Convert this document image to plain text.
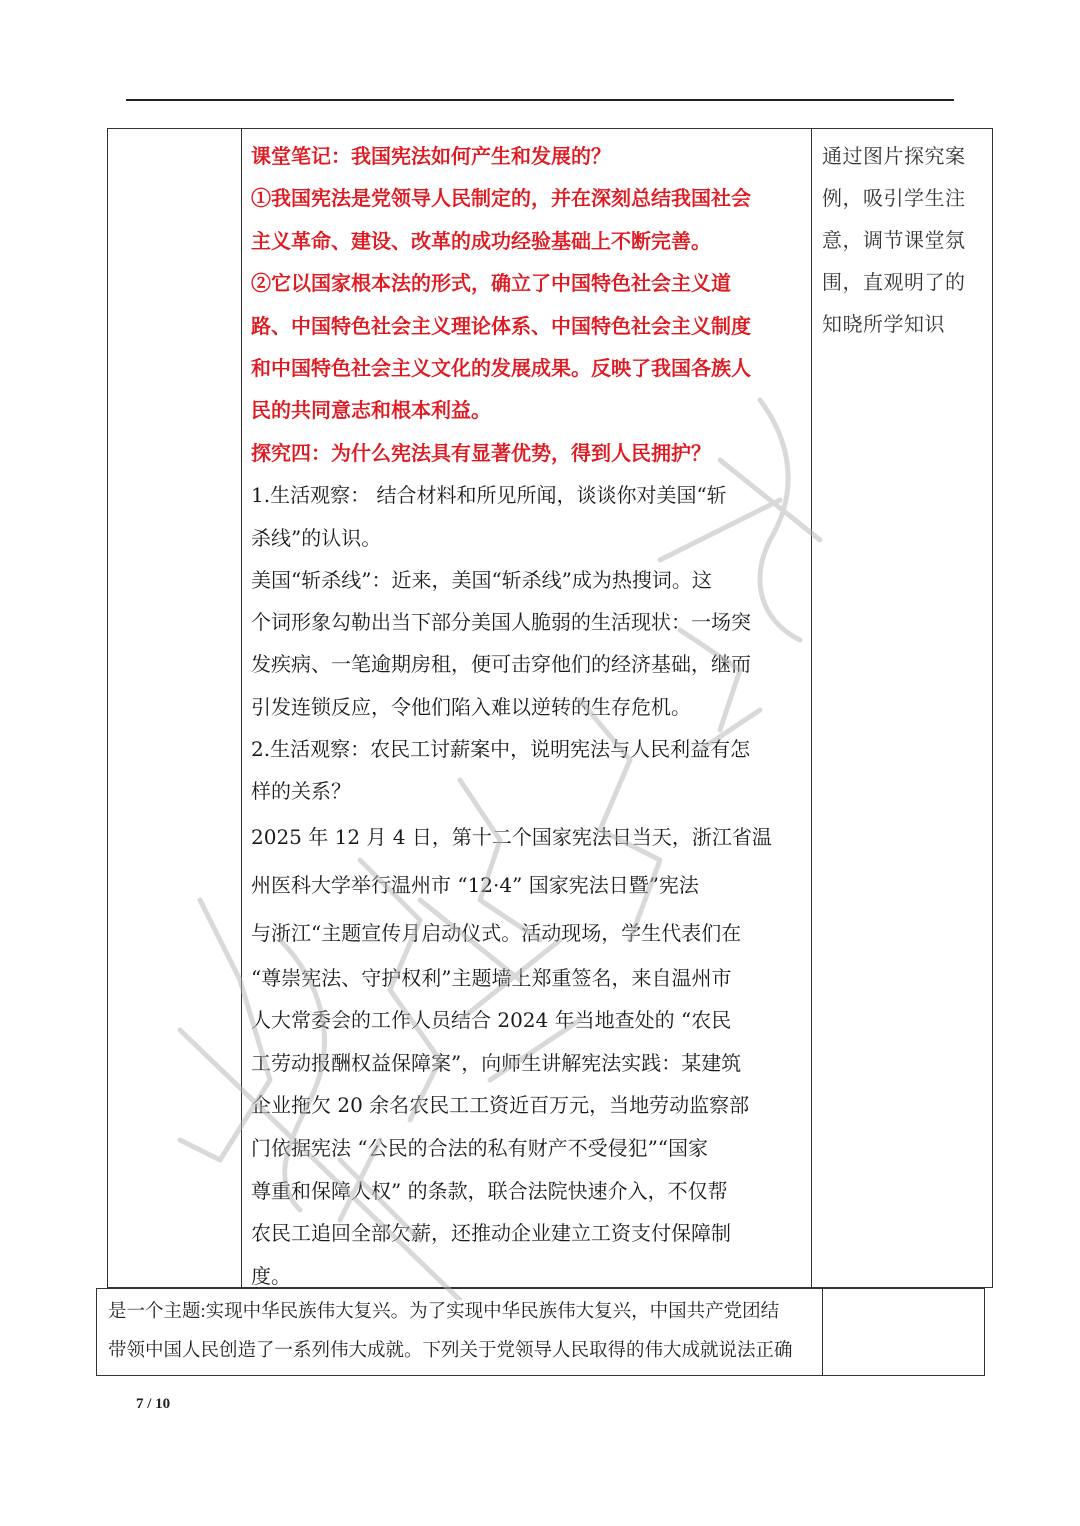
课堂笔记：我国宪法如何产生和发展的？

①我国宪法是党领导人民制定的，并在深刻总结我国社会

主义革命、建设、改革的成功经验基础上不断完善。

②它以国家根本法的形式，确立了中国特色社会主义道

路、中国特色社会主义理论体系、中国特色社会主义制度

和中国特色社会主义文化的发展成果。反映了我国各族人

民的共同意志和根本利益。

探究四：为什么宪法具有显著优势，得到人民拥护？

1.生活观察： 结合材料和所见所闻，谈谈你对美国“斩

杀线”的认识。

美国“斩杀线”：近来，美国“斩杀线”成为热搜词。这

个词形象勾勒出当下部分美国人脆弱的生活现状：一场突

发疾病、一笔逾期房租，便可击穿他们的经济基础，继而

引发连锁反应，令他们陷入难以逆转的生存危机。

2.生活观察：农民工讨薪案中，说明宪法与人民利益有怎

样的关系？

2025 年 12 月 4 日，第十二个国家宪法日当天，浙江省温

州医科大学举行温州市 “12·4” 国家宪法日暨”宪法

与浙江“主题宣传月启动仪式。活动现场，学生代表们在

“尊崇宪法、守护权利”主题墙上郑重签名，来自温州市

人大常委会的工作人员结合 2024 年当地查处的 “农民

工劳动报酬权益保障案”，向师生讲解宪法实践：某建筑

企业拖欠 20 余名农民工工资近百万元，当地劳动监察部

门依据宪法 “公民的合法的私有财产不受侵犯”“国家

尊重和保障人权” 的条款，联合法院快速介入，不仅帮

农民工追回全部欠薪，还推动企业建立工资支付保障制

度。

通过图片探究案

例，吸引学生注

意，调节课堂氛

围，直观明了的

知晓所学知识

是一个主题:实现中华民族伟大复兴。为了实现中华民族伟大复兴，中国共产党团结

带领中国人民创造了一系列伟大成就。下列关于党领导人民取得的伟大成就说法正确

7 / 10
